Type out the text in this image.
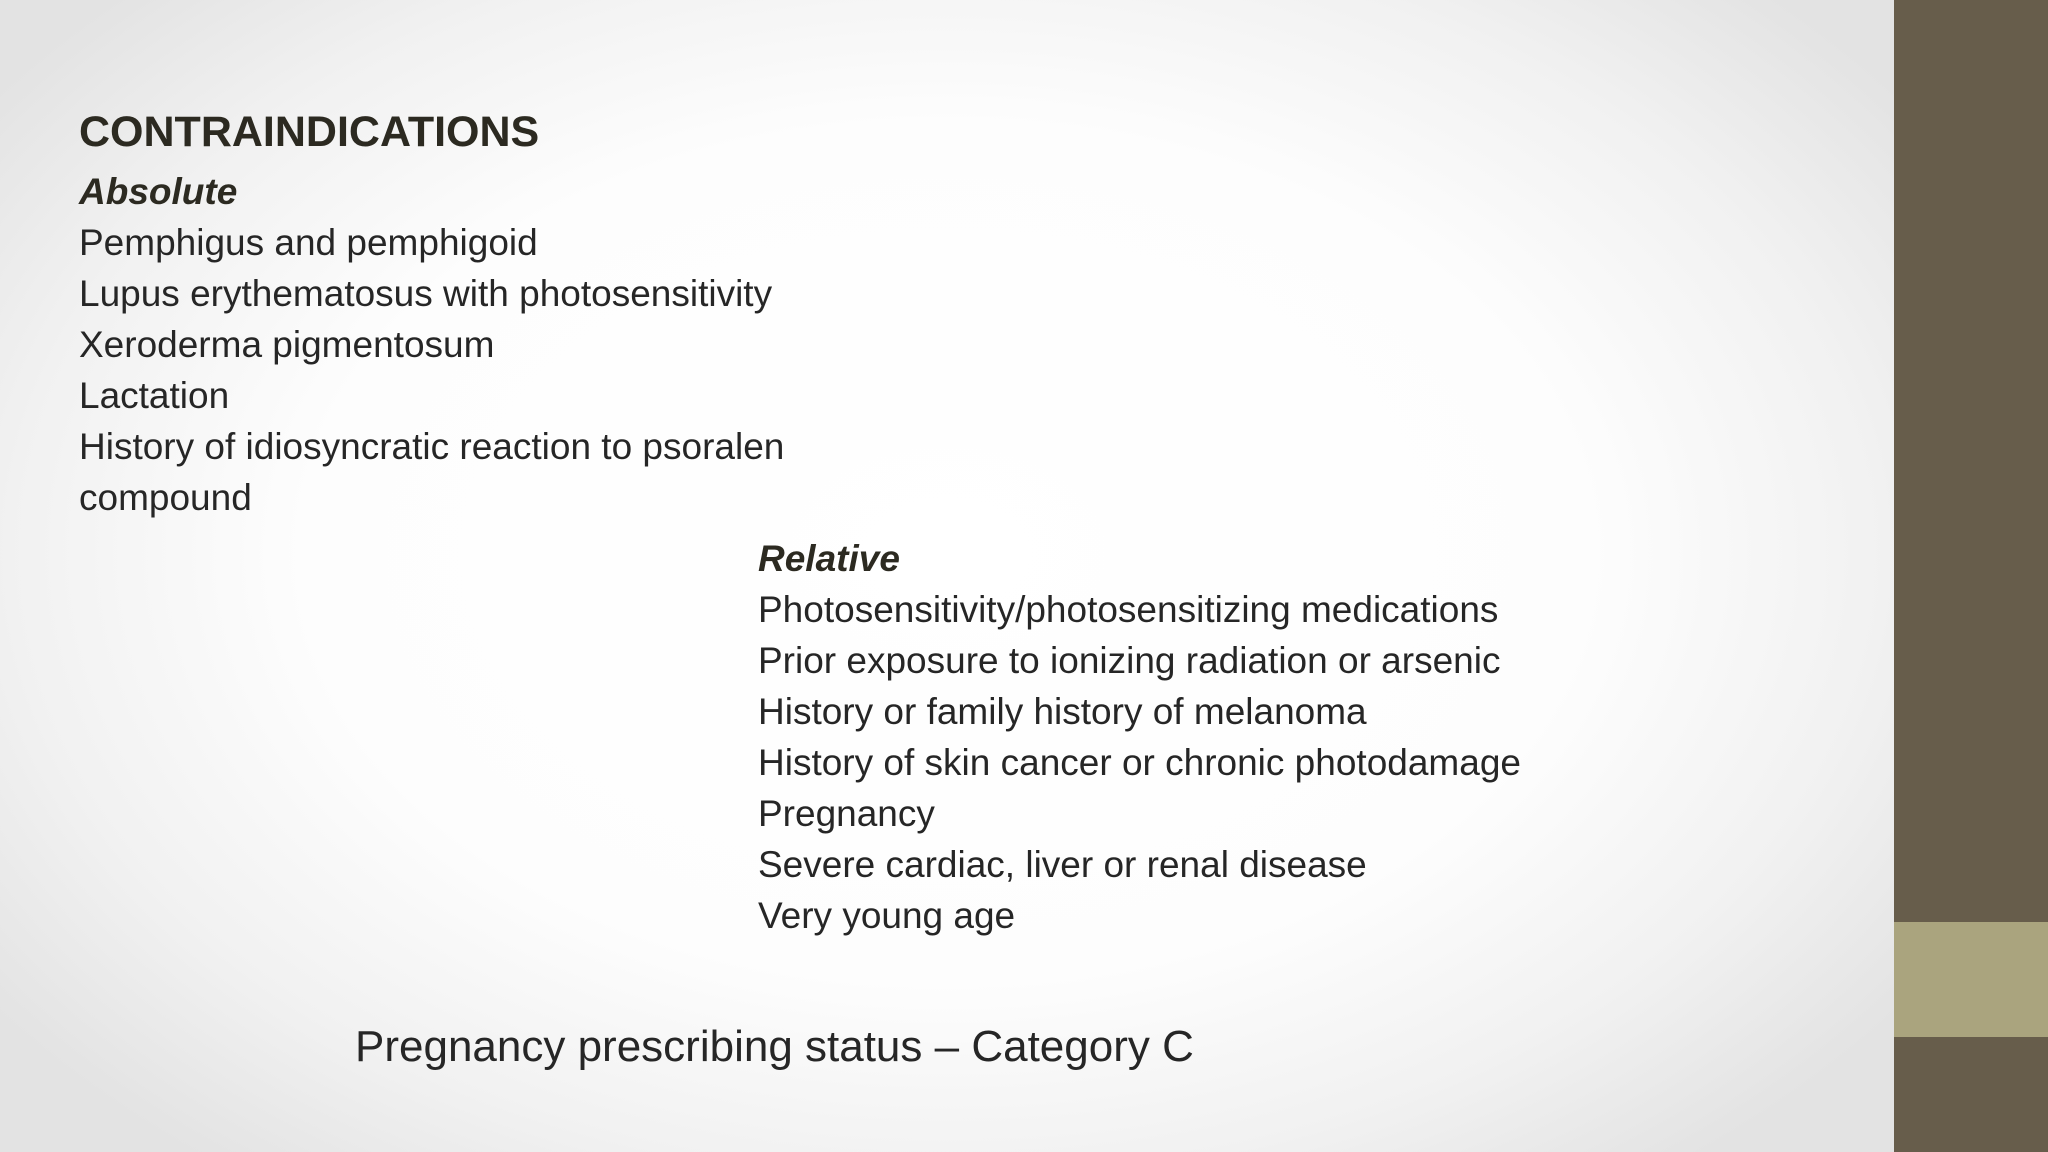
CONTRAINDICATIONS
Absolute
Pemphigus and pemphigoid
Lupus erythematosus with photosensitivity
Xeroderma pigmentosum
Lactation
History of idiosyncratic reaction to psoralen compound
Relative
Photosensitivity/photosensitizing medications
Prior exposure to ionizing radiation or arsenic
History or family history of melanoma
History of skin cancer or chronic photodamage
Pregnancy
Severe cardiac, liver or renal disease
Very young age
Pregnancy prescribing status – Category C
